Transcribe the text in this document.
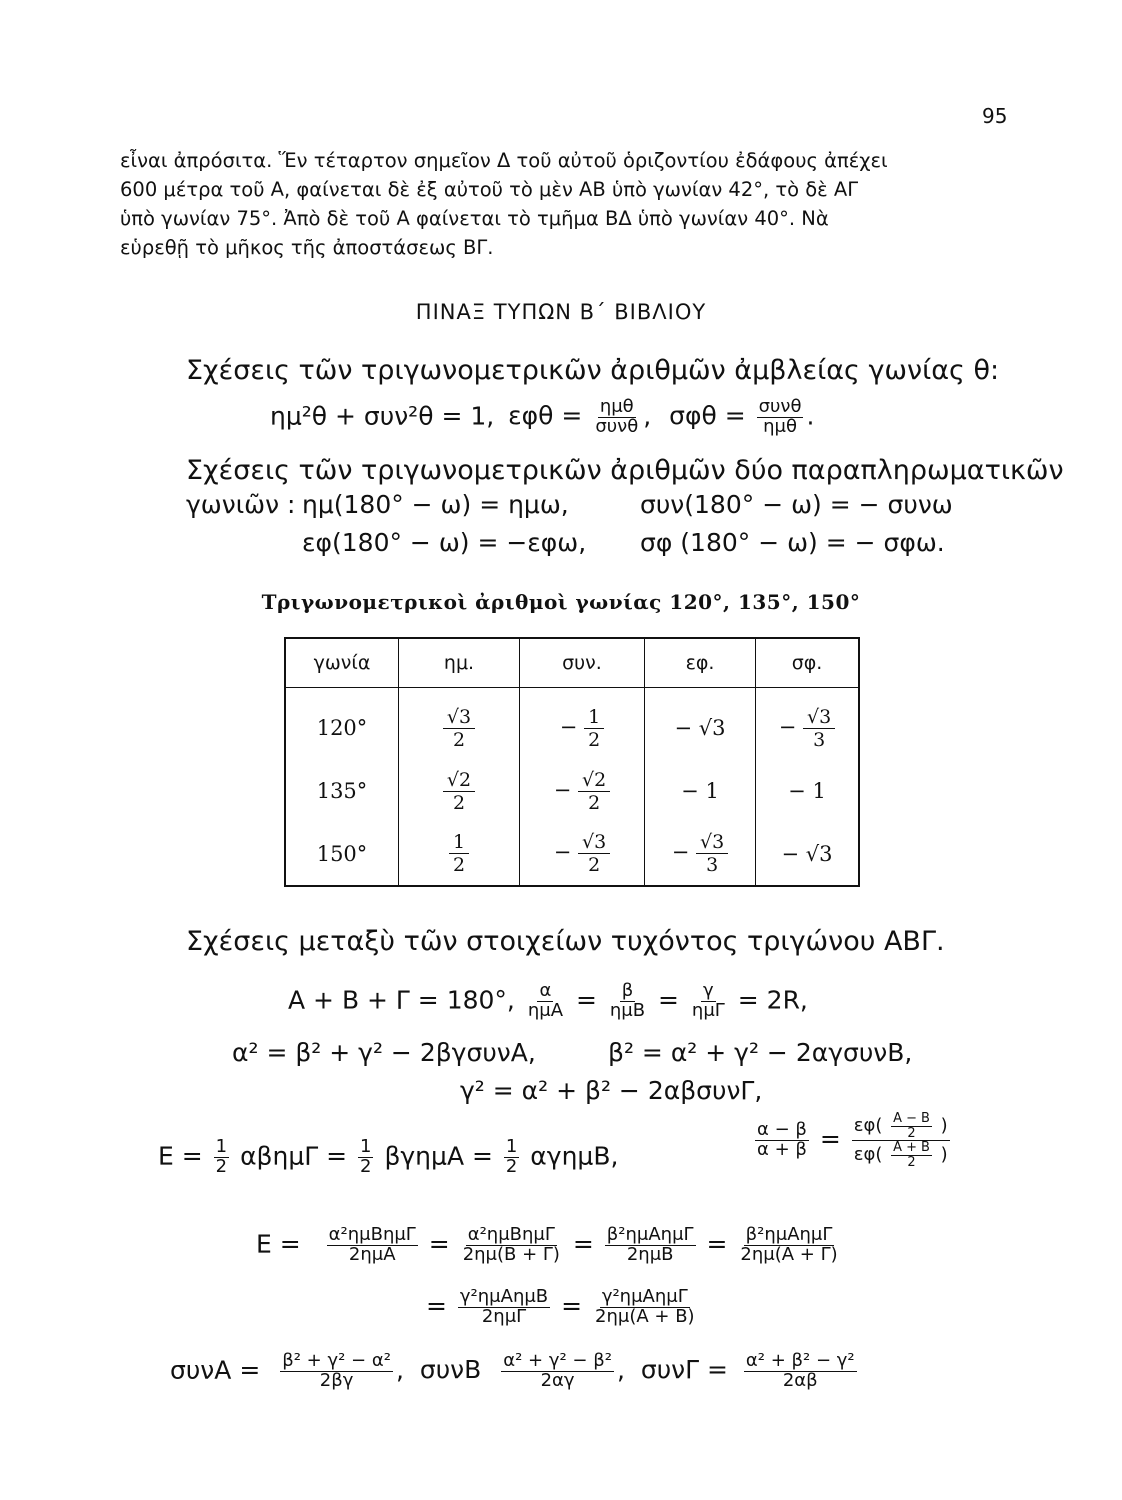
95

εἶναι ἀπρόσιτα. Ἕν τέταρτον σημεῖον Δ τοῦ αὐτοῦ ὁριζοντίου ἐδάφους ἀπέχει

600 μέτρα τοῦ Α, φαίνεται δὲ ἐξ αὐτοῦ τὸ μὲν ΑΒ ὑπὸ γωνίαν 42°, τὸ δὲ ΑΓ

ὑπὸ γωνίαν 75°. Ἀπὸ δὲ τοῦ Α φαίνεται τὸ τμῆμα ΒΔ ὑπὸ γωνίαν 40°. Νὰ

εὑρεθῇ τὸ μῆκος τῆς ἀποστάσεως ΒΓ.

ΠΙΝΑΞ ΤΥΠΩΝ Β΄ ΒΙΒΛΙΟΥ
Σχέσεις τῶν τριγωνομετρικῶν ἀριθμῶν ἀμβλείας γωνίας θ:
ημ²θ + συν²θ = 1, $\varepsilon\varphi\theta = \frac{\text{ημθ}}{\text{συνθ}}$ , $\sigma\varphi\theta = \frac{\text{συνθ}}{\text{ημθ}}$ .
Σχέσεις τῶν τριγωνομετρικῶν ἀριθμῶν δύο παραπληρωματικῶν
γωνιῶν : ημ(180° − ω) = ημω,	συν(180° − ω) = − συνω
εφ(180° − ω) = −εφω, σφ (180° − ω) = − σφω.
Τριγωνομετρικοὶ ἀριθμοὶ γωνίας 120°, 135°, 150°
γωνία	ημ.	συν.	εφ.	σφ.
120°	$\frac{√3}{2}$	− $\frac{1}{2}$	− √3	− $\frac{√3}{3}$

135°	$\frac{√2}{2}$	− $\frac{√2}{2}$	− 1	− 1
150°	$\frac{1}{2}$	− $\frac{√3}{2}$	− $\frac{√3}{3}$	− √3
Σχέσεις μεταξὺ τῶν στοιχείων τυχόντος τριγώνου ΑΒΓ.
Α + Β + Γ = 180°, $\frac{\alpha}{\text{ημΑ}} = \frac{\beta}{\text{ημΒ}} = \frac{\gamma}{\text{ημΓ}} = 2R$,
α² = β² + γ² − 2βγσυνΑ,	β² = α² + γ² − 2αγσυνΒ,
γ² = α² + β² − 2αβσυνΓ,
$E = \frac{1}{2}$ $\alpha\beta\eta\mu\Gamma = \frac{1}{2}$ $\beta\gamma\eta\mu A = \frac{1}{2} \alpha\gamma\eta\mu B$,	$\frac{\alpha - \beta}{\alpha + \beta} = \frac{\varepsilon\varphi( \frac{A - B}{2} )}{\varepsilon\varphi( \frac{A + B}{2} )}$
$E = \frac{\text{α²ημΒημΓ}}{\text{2ημΑ}} = \frac{\text{α²ημΒημΓ}}{2\eta\mu(B + \Gamma)} = \frac{\text{β²ημΑημΓ}}{\text{2ημΒ}} = \frac{\text{β²ημΑημΓ}}{2\eta\mu(A + \Gamma)}$
= $\frac{\text{γ²ημΑημΒ}}{\text{2ημΓ}} = \frac{\text{γ²ημΑημΓ}}{2\eta\mu(A + B)}$
$\sigma\upsilon\nu A = \frac{\text{β² + γ² − α²}}{2\beta\gamma}$ , συνΒ $\frac{\text{α² + γ² − β²}}{2\alpha\gamma}$ , $\sigma\upsilon\nu\Gamma = \frac{\text{α² + β² − γ²}}{2\alpha\beta}$
